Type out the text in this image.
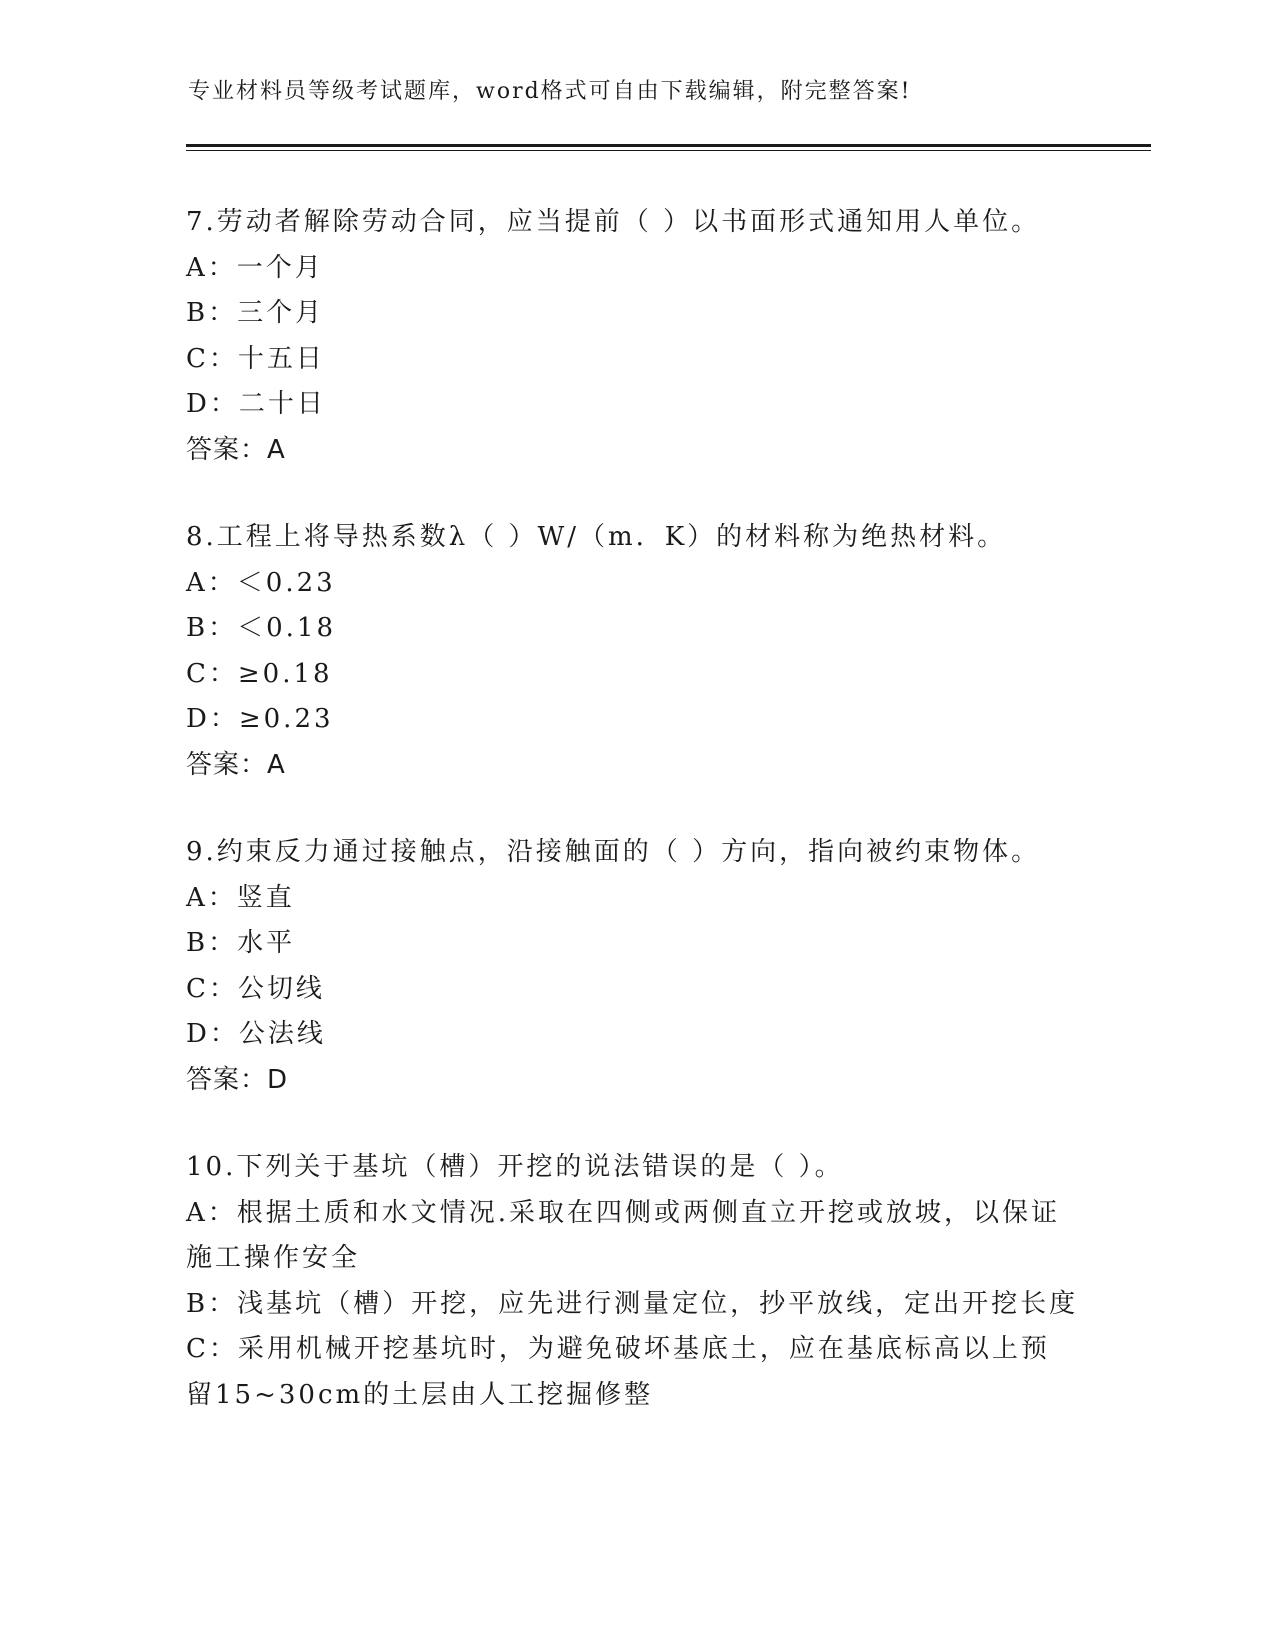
专业材料员等级考试题库，word格式可自由下载编辑，附完整答案!
7.劳动者解除劳动合同，应当提前（ ）以书面形式通知用人单位。
A：一个月
B：三个月
C：十五日
D：二十日
答案：A
8.工程上将导热系数λ（ ）W/（m．K）的材料称为绝热材料。
A：＜0.23
B：＜0.18
C：≥0.18
D：≥0.23
答案：A
9.约束反力通过接触点，沿接触面的（ ）方向，指向被约束物体。
A：竖直
B：水平
C：公切线
D：公法线
答案：D
10.下列关于基坑（槽）开挖的说法错误的是（ ）。
A：根据土质和水文情况.采取在四侧或两侧直立开挖或放坡，以保证施工操作安全
B：浅基坑（槽）开挖，应先进行测量定位，抄平放线，定出开挖长度
C：采用机械开挖基坑时，为避免破坏基底土，应在基底标高以上预留15~30cm的土层由人工挖掘修整
